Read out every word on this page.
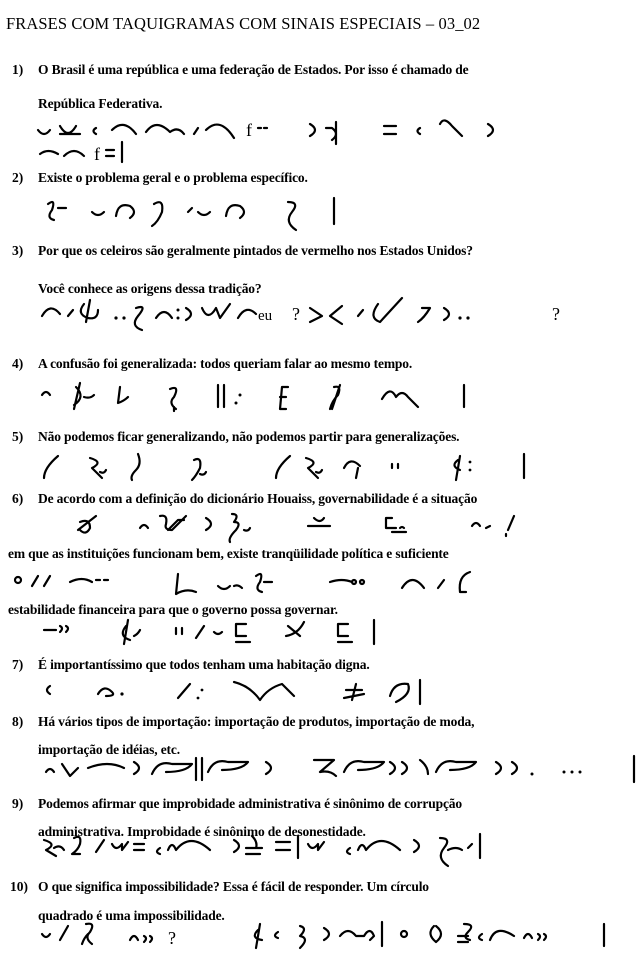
FRASES COM TAQUIGRAMAS COM SINAIS ESPECIAIS – 03_02
1) O Brasil é uma república e uma federação de Estados. Por isso é chamado de
República Federativa.
f
f
2) Existe o problema geral e o problema específico.
3) Por que os celeiros são geralmente pintados de vermelho nos Estados Unidos?
Você conhece as origens dessa tradição?
eu ?	?
4) A confusão foi generalizada: todos queriam falar ao mesmo tempo.
5) Não podemos ficar generalizando, não podemos partir para generalizações.
6) De acordo com a definição do dicionário Houaiss, governabilidade é a situação
em que as instituições funcionam bem, existe tranqüilidade política e suficiente
estabilidade financeira para que o governo possa governar.
7) É importantíssimo que todos tenham uma habitação digna.
8) Há vários tipos de importação: importação de produtos, importação de moda,
importação de idéias, etc.
9) Podemos afirmar que improbidade administrativa é sinônimo de corrupção
administrativa. Improbidade é sinônimo de desonestidade.
10) O que significa impossibilidade? Essa é fácil de responder. Um círculo
quadrado é uma impossibilidade.
?
